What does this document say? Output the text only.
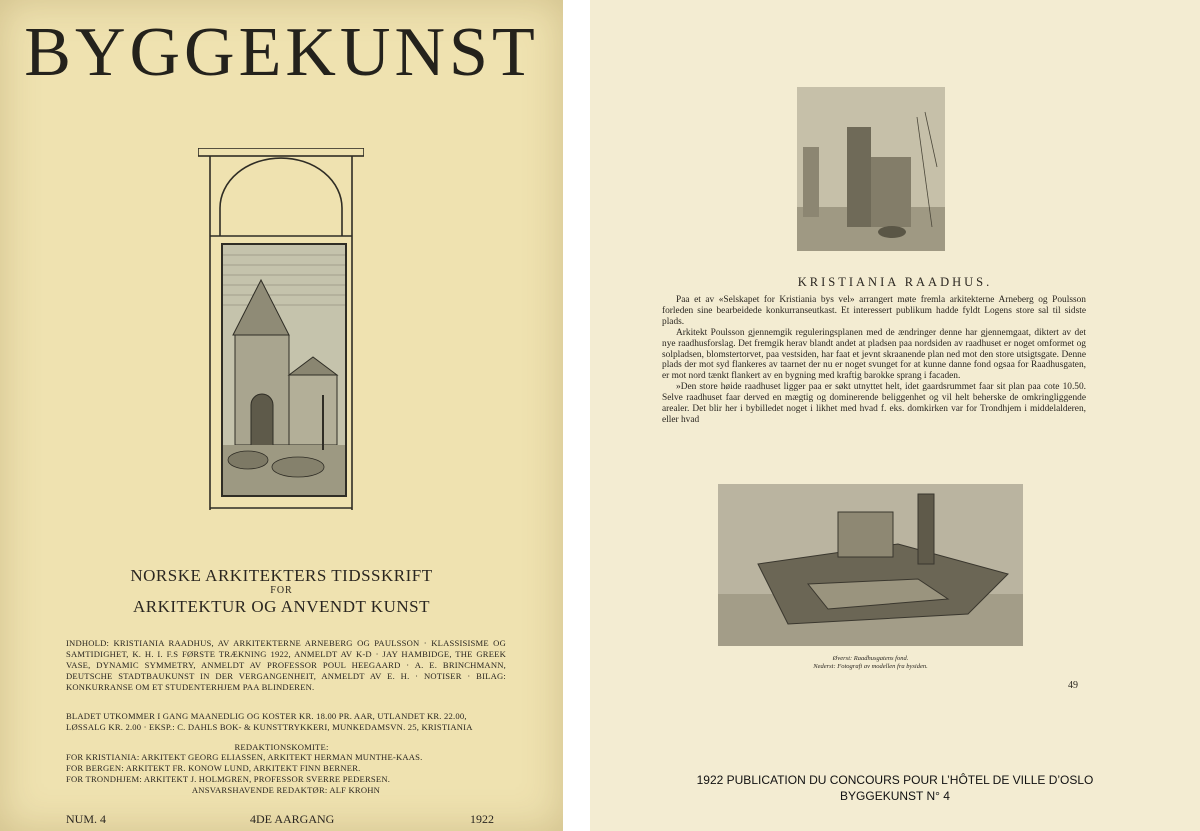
BYGGEKUNST
NORSKE ARKITEKTERS TIDSSKRIFT
FOR
ARKITEKTUR OG ANVENDT KUNST
INDHOLD: KRISTIANIA RAADHUS, AV ARKITEKTERNE ARNEBERG OG PAULSSON · KLASSISISME OG SAMTIDIGHET, K. H. I. F.S FØRSTE TRÆKNING 1922, ANMELDT AV K-D · JAY HAMBIDGE, THE GREEK VASE, DYNAMIC SYMMETRY, ANMELDT AV PROFESSOR POUL HEEGAARD · A. E. BRINCHMANN, DEUTSCHE STADTBAUKUNST IN DER VERGANGENHEIT, ANMELDT AV E. H. · NOTISER · BILAG: KONKURRANSE OM ET STUDENTERHJEM PAA BLINDEREN.
BLADET UTKOMMER I GANG MAANEDLIG OG KOSTER KR. 18.00 PR. AAR, UTLANDET KR. 22.00,
LØSSALG KR. 2.00 · EKSP.: C. DAHLS BOK- & KUNSTTRYKKERI, MUNKEDAMSVN. 25, KRISTIANIA
REDAKTIONSKOMITE:
FOR KRISTIANIA: ARKITEKT GEORG ELIASSEN, ARKITEKT HERMAN MUNTHE-KAAS.
FOR BERGEN: ARKITEKT FR. KONOW LUND, ARKITEKT FINN BERNER.
FOR TRONDHJEM: ARKITEKT J. HOLMGREN, PROFESSOR SVERRE PEDERSEN.
ANSVARSHAVENDE REDAKTØR: ALF KROHN
NUM. 4	4DE AARGANG	1922
KRISTIANIA RAADHUS.

Paa et av «Selskapet for Kristiania bys vel» arrangert møte fremla arkitekterne Arneberg og Poulsson forleden sine bearbeidede konkurranseutkast. Et interessert publikum hadde fyldt Logens store sal til sidste plads.

Arkitekt Poulsson gjennemgik reguleringsplanen med de ændringer denne har gjennemgaat, diktert av det nye raadhusforslag. Det fremgik herav blandt andet at pladsen paa nordsiden av raadhuset er noget omformet og solpladsen, blomstertorvet, paa vestsiden, har faat et jevnt skraanende plan ned mot den store utsigtsgate. Denne plads der mot syd flankeres av taarnet der nu er noget svunget for at kunne danne fond ogsaa for Raadhusgaten, er mot nord tænkt flankert av en bygning med kraftig barokke sprang i facaden.

»Den store høide raadhuset ligger paa er søkt utnyttet helt, idet gaardsrummet faar sit plan paa cote 10.50. Selve raadhuset faar derved en mægtig og dominerende beliggenhet og vil helt beherske de omkringliggende arealer. Det blir her i bybilledet noget i likhet med hvad f. eks. domkirken var for Trondhjem i middelalderen, eller hvad

Øverst: Raadhusgatens fond.
Nederst: Fotografi av modellen fra bysiden.
49
1922 PUBLICATION DU CONCOURS POUR L’HÔTEL DE VILLE D’OSLO
BYGGEKUNST N° 4
